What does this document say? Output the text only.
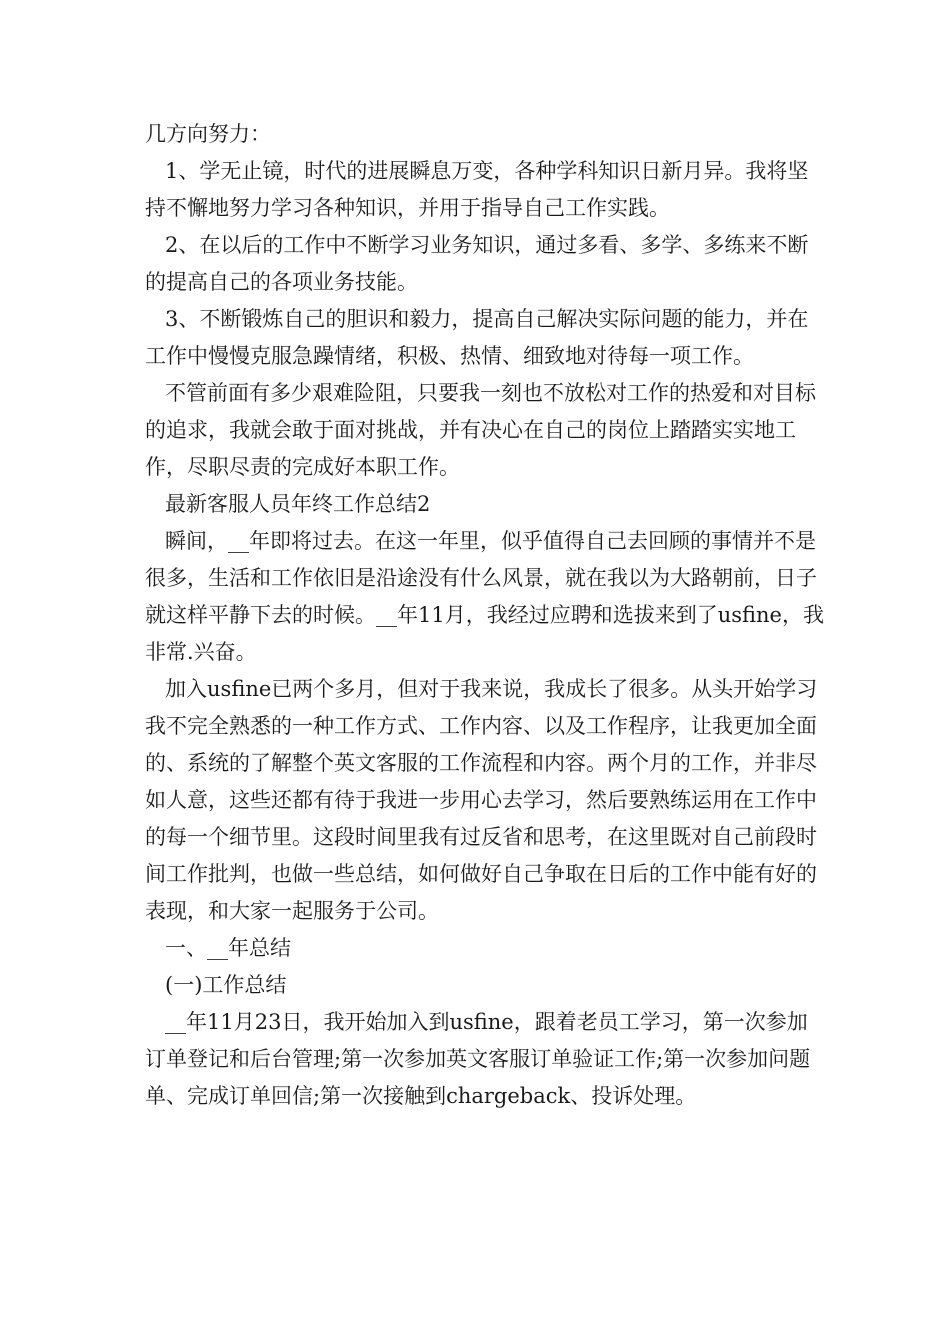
几方向努力：

1、学无止镜，时代的进展瞬息万变，各种学科知识日新月异。我将坚持不懈地努力学习各种知识，并用于指导自己工作实践。

2、在以后的工作中不断学习业务知识，通过多看、多学、多练来不断的提高自己的各项业务技能。

3、不断锻炼自己的胆识和毅力，提高自己解决实际问题的能力，并在工作中慢慢克服急躁情绪，积极、热情、细致地对待每一项工作。

不管前面有多少艰难险阻，只要我一刻也不放松对工作的热爱和对目标的追求，我就会敢于面对挑战，并有决心在自己的岗位上踏踏实实地工作，尽职尽责的完成好本职工作。

最新客服人员年终工作总结2

瞬间，__年即将过去。在这一年里，似乎值得自己去回顾的事情并不是很多，生活和工作依旧是沿途没有什么风景，就在我以为大路朝前，日子就这样平静下去的时候。__年11月，我经过应聘和选拔来到了usfine，我非常.兴奋。

加入usfine已两个多月，但对于我来说，我成长了很多。从头开始学习我不完全熟悉的一种工作方式、工作内容、以及工作程序，让我更加全面的、系统的了解整个英文客服的工作流程和内容。两个月的工作，并非尽如人意，这些还都有待于我进一步用心去学习，然后要熟练运用在工作中的每一个细节里。这段时间里我有过反省和思考，在这里既对自己前段时间工作批判，也做一些总结，如何做好自己争取在日后的工作中能有好的表现，和大家一起服务于公司。

一、__年总结

(一)工作总结

__年11月23日，我开始加入到usfine，跟着老员工学习，第一次参加订单登记和后台管理;第一次参加英文客服订单验证工作;第一次参加问题单、完成订单回信;第一次接触到chargeback、投诉处理。
